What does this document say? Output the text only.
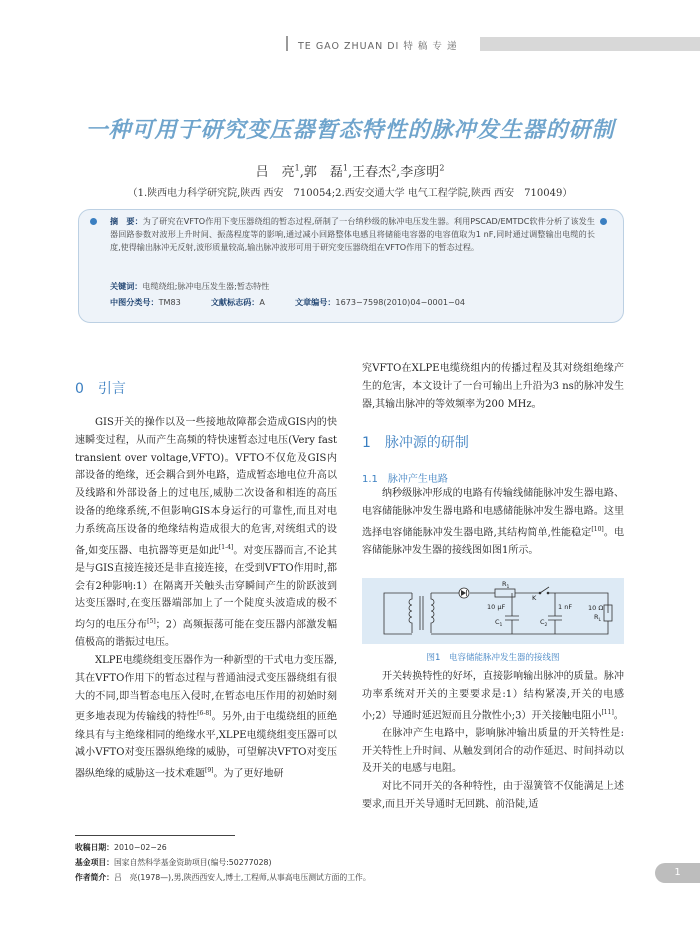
TE GAO ZHUAN DI 特 稿 专 递
一种可用于研究变压器暂态特性的脉冲发生器的研制
吕　亮$^1$,郭　磊$^1$,王春杰$^2$,李彦明$^2$
（1.陕西电力科学研究院,陕西 西安　710054;2.西安交通大学 电气工程学院,陕西 西安　710049）
摘　要：为了研究在VFTO作用下变压器绕组的暂态过程,研制了一台纳秒级的脉冲电压发生器。利用PSCAD/EMTDC软件分析了该发生器回路参数对波形上升时间、振荡程度等的影响,通过减小回路整体电感且将储能电容器的电容值取为1 nF,同时通过调整输出电缆的长度,使得输出脉冲无反射,波形质量较高,输出脉冲波形可用于研究变压器绕组在VFTO作用下的暂态过程。
关键词：电缆绕组;脉冲电压发生器;暂态特性
中图分类号：TM83	文献标志码：A	文章编号：1673−7598(2010)04−0001−04
0　引言

GIS开关的操作以及一些接地故障都会造成GIS内的快速瞬变过程，从而产生高频的特快速暂态过电压(Very fast transient over voltage,VFTO)。VFTO不仅危及GIS内部设备的绝缘，还会耦合到外电路，造成暂态地电位升高以及线路和外部设备上的过电压,威胁二次设备和相连的高压设备的绝缘系统,不但影响GIS本身运行的可靠性,而且对电力系统高压设备的绝缘结构造成很大的危害,对统组式的设备,如变压器、电抗器等更是如此[1-4]。对变压器而言,不论其是与GIS直接连接还是非直接连接，在受到VFTO作用时,都会有2种影响:1）在隔离开关触头击穿瞬间产生的阶跃波到达变压器时,在变压器端部加上了一个陡度头波造成的极不均匀的电压分布[5]；2）高频振荡可能在变压器内部激发幅值极高的谐振过电压。

XLPE电缆绕组变压器作为一种新型的干式电力变压器,其在VFTO作用下的暂态过程与普通油浸式变压器绕组有很大的不同,即当暂态电压入侵时,在暂态电压作用的初始时刻更多地表现为传输线的特性[6-8]。另外,由于电缆绕组的匝绝缘具有与主绝缘相同的绝缘水平,XLPE电缆绕组变压器可以减小VFTO对变压器纵绝缘的威胁，可望解决VFTO对变压器纵绝缘的威胁这一技术难题[9]。为了更好地研

究VFTO在XLPE电缆绕组内的传播过程及其对绕组绝缘产生的危害，本文设计了一台可输出上升沿为3 ns的脉冲发生器,其输出脉冲的等效频率为200 MHz。

1　脉冲源的研制
1.1　脉冲产生电路

纳秒级脉冲形成的电路有传输线储能脉冲发生器电路、电容储能脉冲发生器电路和电感储能脉冲发生器电路。这里选择电容储能脉冲发生器电路,其结构简单,性能稳定[10]。电容储能脉冲发生器的接线图如图1所示。

$R_1$
K
10 μF
$C_1$
1 nF
$C_2$
10 Ω
$R_L$
图1　电容储能脉冲发生器的接线图

开关转换特性的好坏，直接影响输出脉冲的质量。脉冲功率系统对开关的主要要求是:1）结构紧凑,开关的电感小;2）导通时延迟短而且分散性小;3）开关接触电阻小[11]。

在脉冲产生电路中，影响脉冲输出质量的开关特性是:开关特性上升时间、从触发到闭合的动作延迟、时间抖动以及开关的电感与电阻。

对比不同开关的各种特性，由于湿簧管不仅能满足上述要求,而且开关导通时无回跳、前沿陡,适

收稿日期：2010−02−26
基金项目：国家自然科学基金资助项目(编号:50277028)
作者简介：吕　亮(1978—),男,陕西西安人,博士,工程师,从事高电压测试方面的工作。	1
